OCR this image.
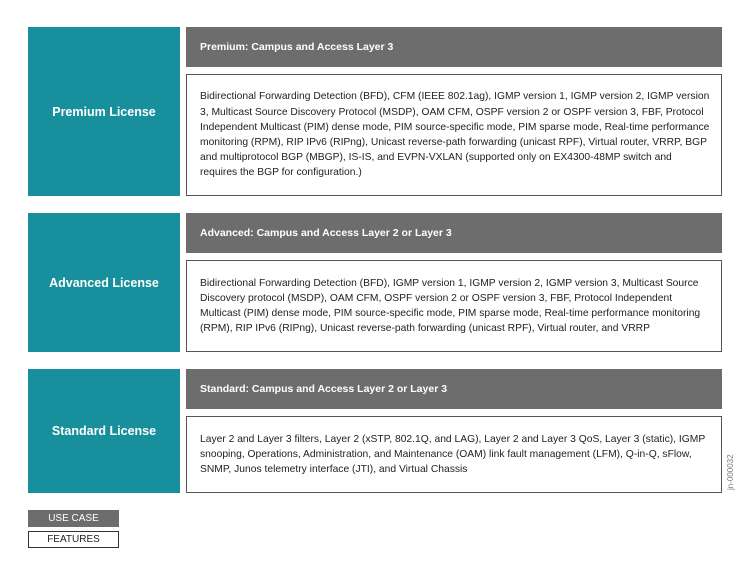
Premium License
Premium: Campus and Access Layer 3
Bidirectional Forwarding Detection (BFD), CFM (IEEE 802.1ag), IGMP version 1, IGMP version 2, IGMP version 3, Multicast Source Discovery Protocol (MSDP), OAM CFM, OSPF version 2 or OSPF version 3, FBF, Protocol Independent Multicast (PIM) dense mode, PIM source-specific mode, PIM sparse mode, Real-time performance monitoring (RPM), RIP IPv6 (RIPng), Unicast reverse-path forwarding (unicast RPF), Virtual router, VRRP, BGP and multiprotocol BGP (MBGP), IS-IS, and EVPN-VXLAN (supported only on EX4300-48MP switch and requires the BGP for configuration.)
Advanced License
Advanced: Campus and Access Layer 2 or Layer 3
Bidirectional Forwarding Detection (BFD), IGMP version 1, IGMP version 2, IGMP version 3, Multicast Source Discovery protocol (MSDP), OAM CFM, OSPF version 2 or OSPF version 3, FBF, Protocol Independent Multicast (PIM) dense mode, PIM source-specific mode, PIM sparse mode, Real-time performance monitoring (RPM), RIP IPv6 (RIPng), Unicast reverse-path forwarding (unicast RPF), Virtual router, and VRRP
Standard License
Standard: Campus and Access Layer 2 or Layer 3
Layer 2 and Layer 3 filters, Layer 2 (xSTP, 802.1Q, and LAG), Layer 2 and Layer 3 QoS, Layer 3 (static), IGMP snooping, Operations, Administration, and Maintenance (OAM) link fault management (LFM), Q-in-Q, sFlow, SNMP, Junos telemetry interface (JTI), and Virtual Chassis	jn-000032
USE CASE
FEATURES
